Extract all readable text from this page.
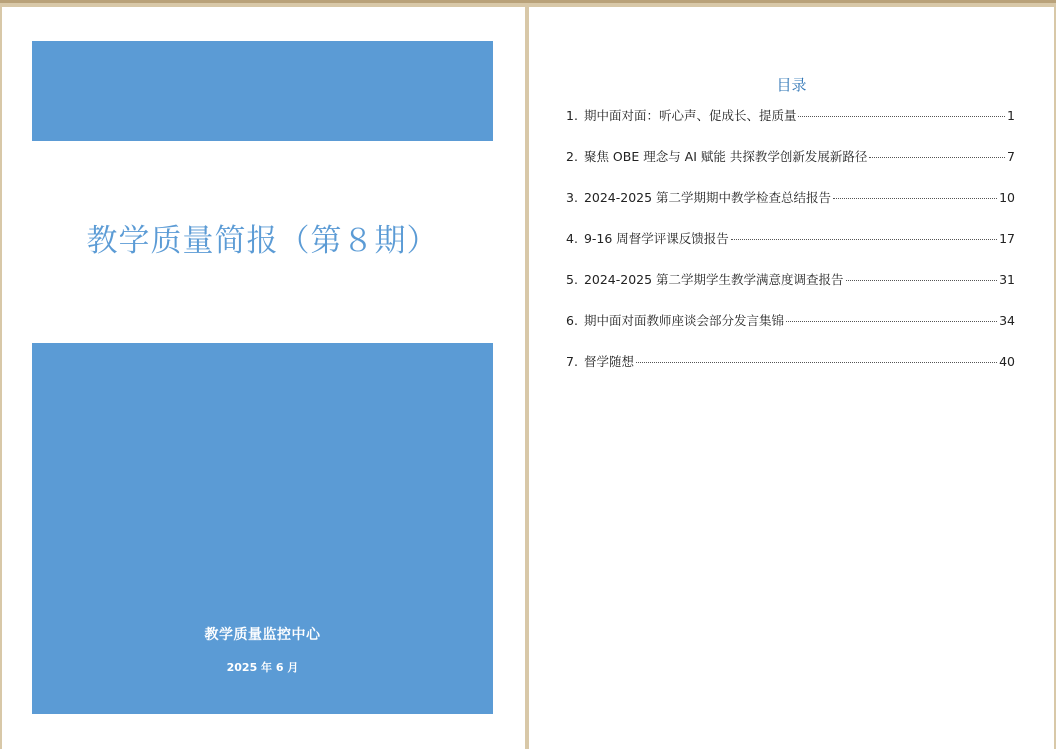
教学质量简报（第８期）
教学质量监控中心
2025 年 6 月
目录
1. 期中面对面：听心声、促成长、提质量	1
2. 聚焦 OBE 理念与 AI 赋能 共探教学创新发展新路径	7
3. 2024-2025 第二学期期中教学检查总结报告	10
4. 9-16 周督学评课反馈报告	17
5. 2024-2025 第二学期学生教学满意度调查报告	31
6. 期中面对面教师座谈会部分发言集锦	34
7. 督学随想	40
